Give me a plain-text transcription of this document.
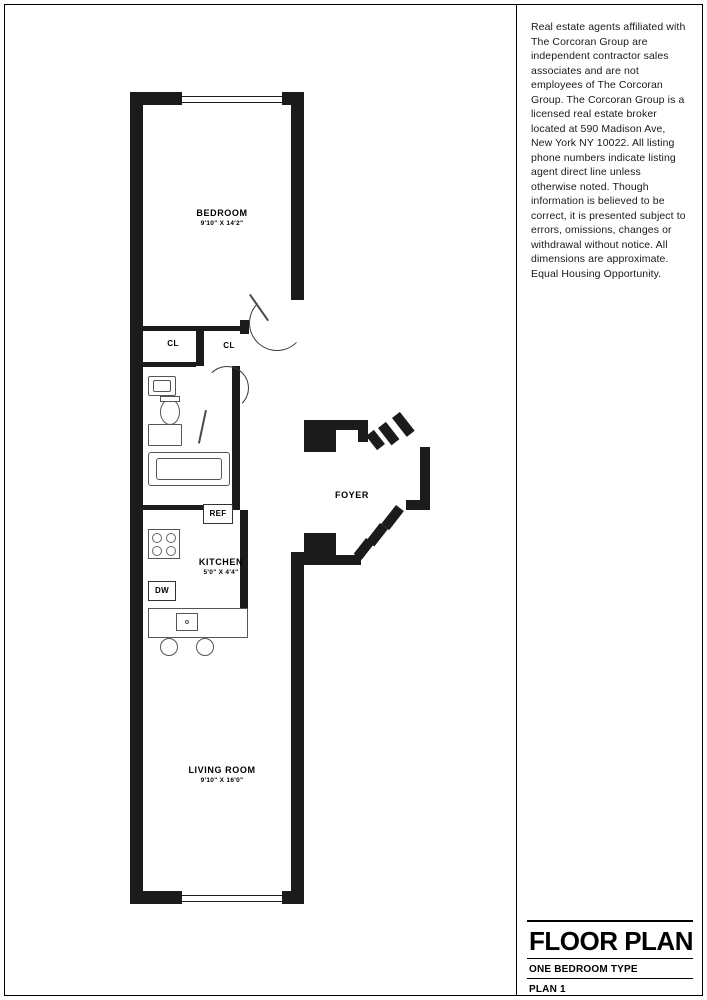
REF
DW
CL	CL
BEDROOM
9'10" X 14'2"
FOYER
KITCHEN
5'0" X 4'4"
LIVING ROOM
9'10" X 16'0"
Real estate agents affiliated with The Corcoran Group are independent contractor sales associates and are not employees of The Corcoran Group. The Corcoran Group is a licensed real estate broker located at 590 Madison Ave, New York NY 10022. All listing phone numbers indicate listing agent direct line unless otherwise noted. Though information is believed to be correct, it is presented subject to errors, omissions, changes or withdrawal without notice. All dimensions are approximate. Equal Housing Opportunity.
FLOOR PLAN
ONE BEDROOM TYPE
PLAN 1
